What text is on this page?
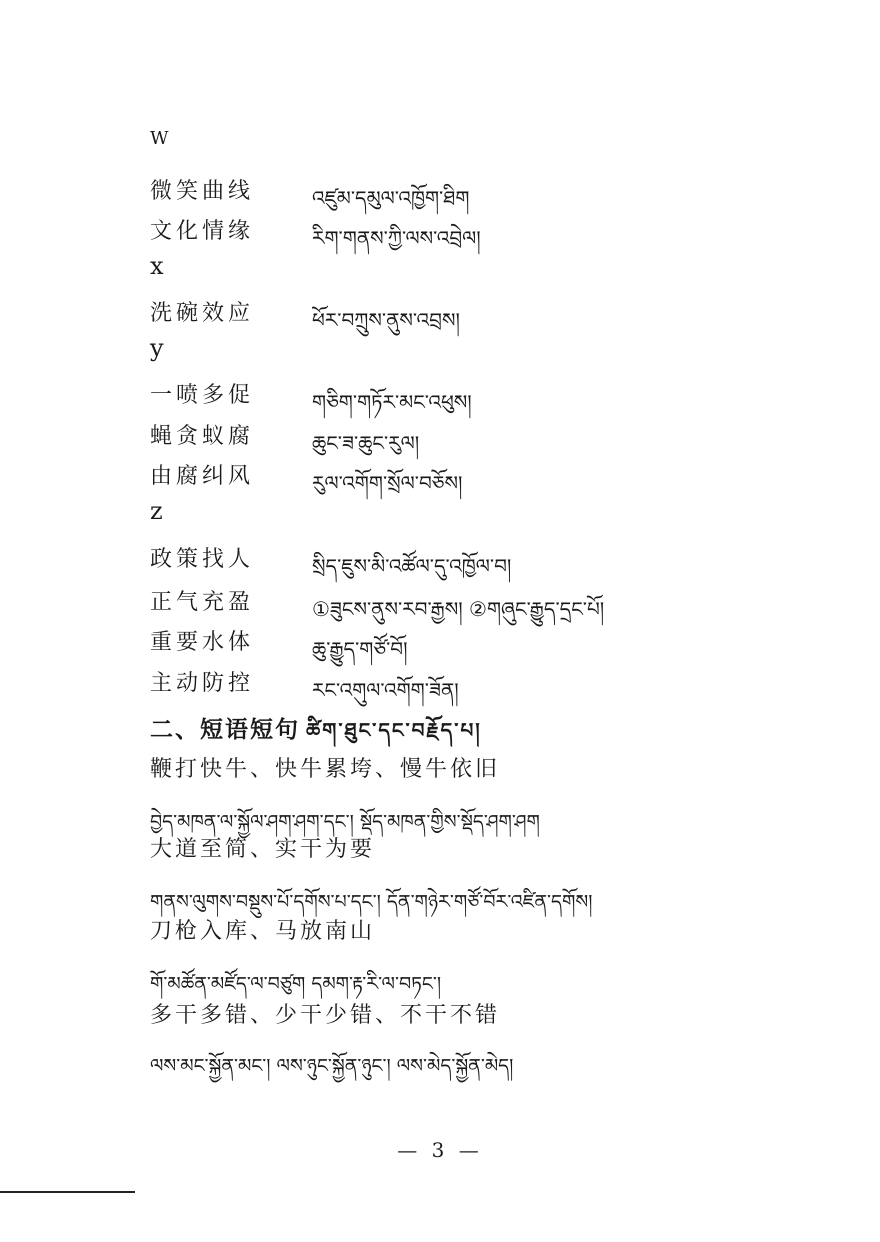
W
微笑曲线	འཛུམ་དམུལ་འཁྱོག་ཐིག
文化情缘	རིག་གནས་ཀྱི་ལས་འབྲེལ།
x
洗碗效应	ཕོར་བཀྲུས་ནུས་འབྲས།
y
一喷多促	གཅིག་གཏོར་མང་འཕུས།
蝇贪蚁腐	ཆུང་ཟ་ཆུང་རུལ།
由腐纠风	རུལ་འགོག་སྲོལ་བཅོས།
z
政策找人	སྲིད་ཇུས་མི་འཚོལ་དུ་འཁྱོལ་བ།
正气充盈	①ཟུངས་ནུས་རབ་རྒྱས། ②གཞུང་རྒྱུད་དྲང་པོ།
重要水体	ཆུ་རྒྱུད་གཙོ་བོ།
主动防控	རང་འགུལ་འགོག་ཟོན།
二、短语短句 ཚིག་ཐུང་དང་བརྗོད་པ།
鞭打快牛、快牛累垮、慢牛依旧
བྱེད་མཁན་ལ་སྐྱོལ་ཤག་ཤག་དང་། སྡོད་མཁན་གྱིས་སྡོད་ཤག་ཤག
大道至简、实干为要
གནས་ལུགས་བསྡུས་པོ་དགོས་པ་དང་། དོན་གཉེར་གཙོ་བོར་འཛིན་དགོས།
刀枪入库、马放南山
གོ་མཚོན་མཛོད་ལ་བཙུག དམག་རྟ་རི་ལ་བཏང་།
多干多错、少干少错、不干不错
ལས་མང་སྐྱོན་མང་། ལས་ཉུང་སྐྱོན་ཉུང་། ལས་མེད་སྐྱོན་མེད།
— 3 —
